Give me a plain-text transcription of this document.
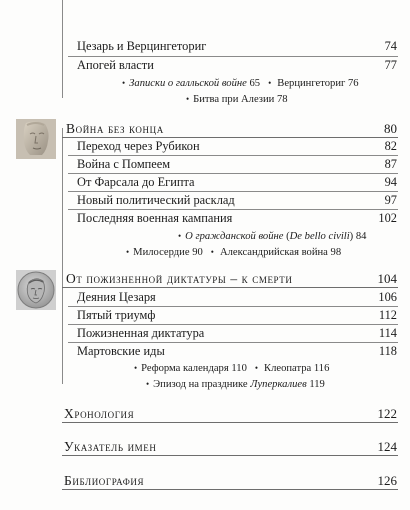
Цезарь и Верцингеториг	74
Апогей власти	77
• Записки о галльской войне 65 • Верцингеториг 76
• Битва при Алезии 78
Война без конца	80
Переход через Рубикон	82
Война с Помпеем	87
От Фарсала до Египта	94
Новый политический расклад	97
Последняя военная кампания	102
• О гражданской войне (De bello civili) 84
• Милосердие 90 • Александрийская война 98
От пожизненной диктатуры – к смерти	104
Деяния Цезаря	106
Пятый триумф	112
Пожизненная диктатура	114
Мартовские иды	118
• Реформа календаря 110 • Клеопатра 116
• Эпизод на празднике Луперкалиев 119
Хронология	122
Указатель имен	124
Библиография	126
